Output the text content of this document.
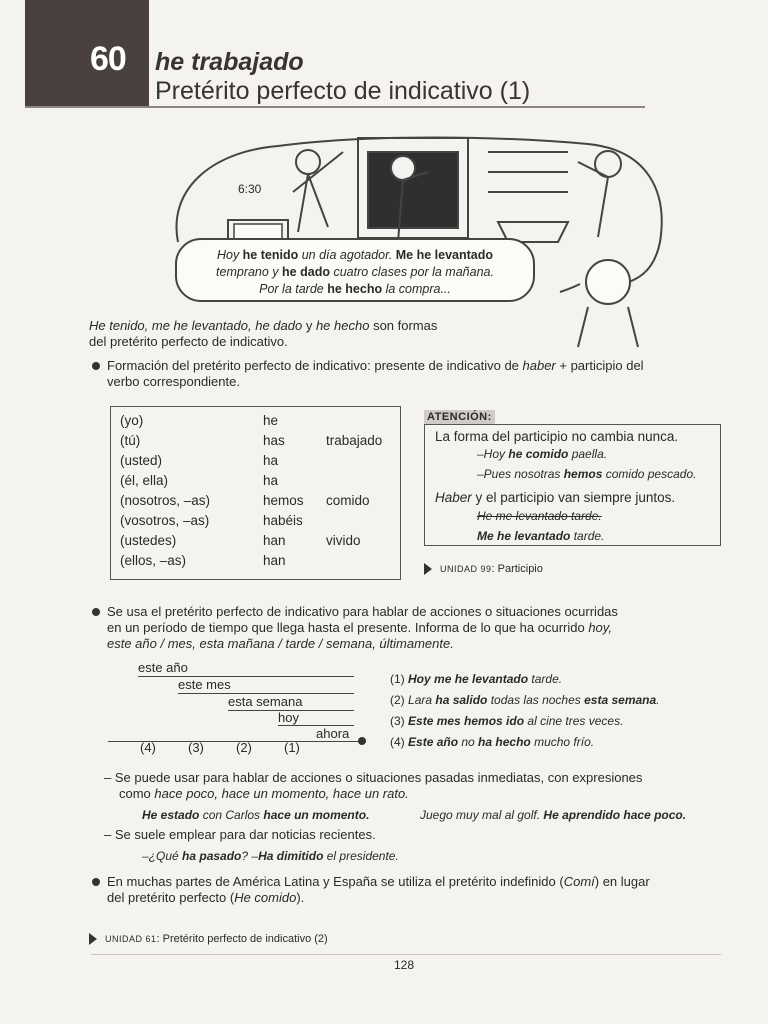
60 he trabajado
Pretérito perfecto de indicativo (1)
6:30
Hoy he tenido un día agotador. Me he levantado
temprano y he dado cuatro clases por la mañana.
Por la tarde he hecho la compra...
He tenido, me he levantado, he dado y he hecho son formas
del pretérito perfecto de indicativo.
Formación del pretérito perfecto de indicativo: presente de indicativo de haber + participio del
verbo correspondiente.
(yo)
(tú)
(usted)
(él, ella)
(nosotros, –as)
(vosotros, –as)
(ustedes)
(ellos, –as)
he
has
ha
ha
hemos
habéis
han
han
trabajado
comido
vivido
ATENCIÓN:
La forma del participio no cambia nunca.
–Hoy he comido paella.
–Pues nosotras hemos comido pescado.
Haber y el participio van siempre juntos.
He me levantado tarde.
Me he levantado tarde.
UNIDAD 99: Participio
Se usa el pretérito perfecto de indicativo para hablar de acciones o situaciones ocurridas
en un período de tiempo que llega hasta el presente. Informa de lo que ha ocurrido hoy,
este año / mes, esta mañana / tarde / semana, últimamente.
este año
este mes
esta semana
hoy
ahora
(4) (3) (2) (1)
(1) Hoy me he levantado tarde.
(2) Lara ha salido todas las noches esta semana.
(3) Este mes hemos ido al cine tres veces.
(4) Este año no ha hecho mucho frío.
– Se puede usar para hablar de acciones o situaciones pasadas inmediatas, con expresiones
como hace poco, hace un momento, hace un rato.
He estado con Carlos hace un momento.	Juego muy mal al golf. He aprendido hace poco.
– Se suele emplear para dar noticias recientes.
–¿Qué ha pasado? –Ha dimitido el presidente.
En muchas partes de América Latina y España se utiliza el pretérito indefinido (Comí) en lugar
del pretérito perfecto (He comido).
UNIDAD 61: Pretérito perfecto de indicativo (2)
128
